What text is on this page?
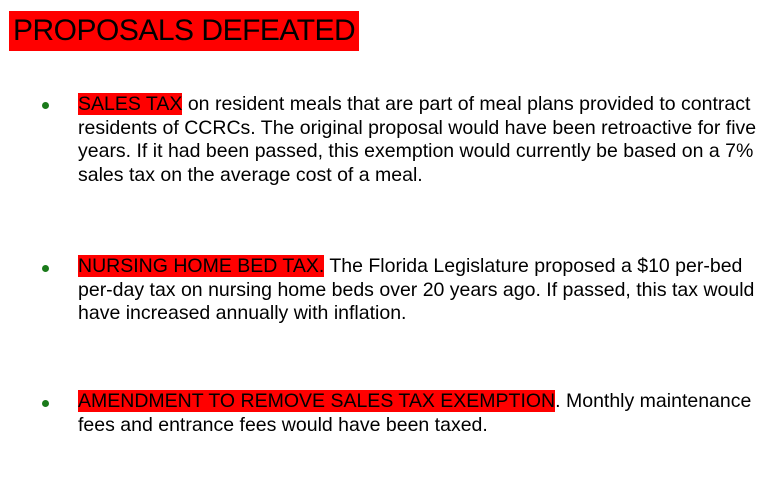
PROPOSALS DEFEATED
SALES TAX on resident meals that are part of meal plans provided to contract residents of CCRCs. The original proposal would have been retroactive for five years. If it had been passed, this exemption would currently be based on a 7% sales tax on the average cost of a meal.
NURSING HOME BED TAX. The Florida Legislature proposed a $10 per-bed per-day tax on nursing home beds over 20 years ago. If passed, this tax would have increased annually with inflation.
AMENDMENT TO REMOVE SALES TAX EXEMPTION. Monthly maintenance fees and entrance fees would have been taxed.
